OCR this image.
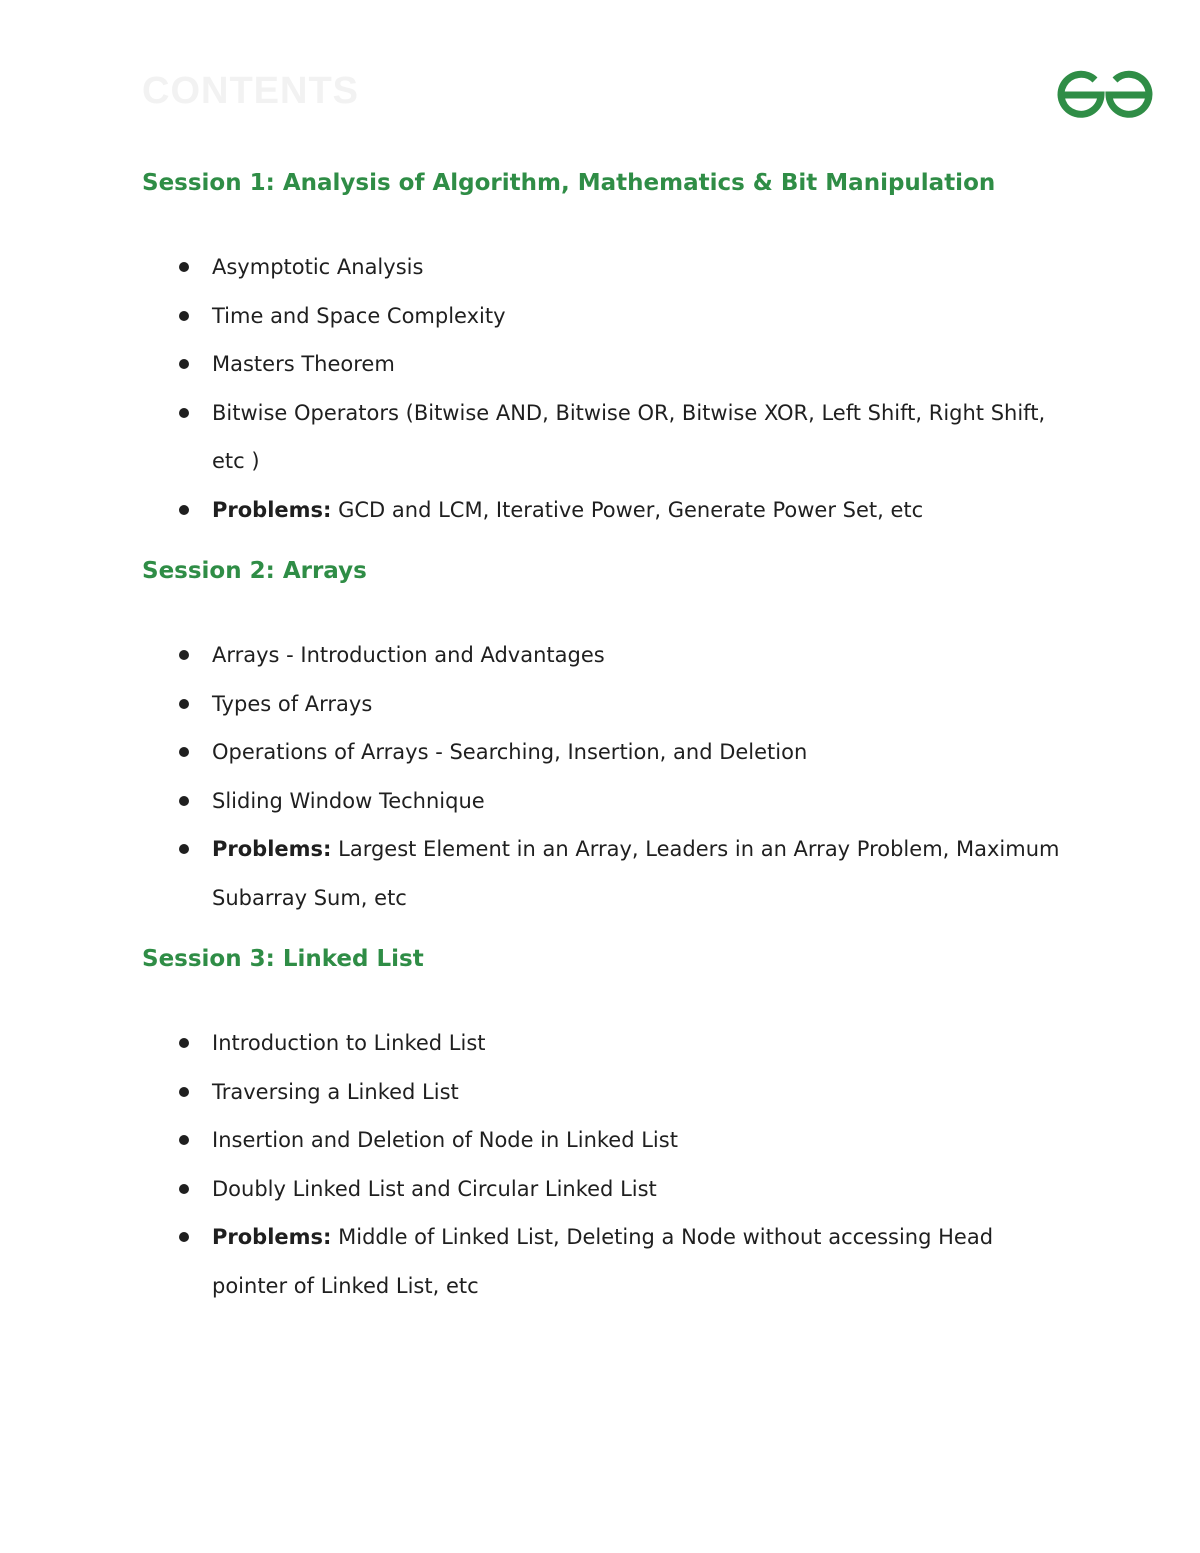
CONTENTS
Session 1: Analysis of Algorithm, Mathematics & Bit Manipulation
Asymptotic Analysis
Time and Space Complexity
Masters Theorem
Bitwise Operators (Bitwise AND, Bitwise OR, Bitwise XOR, Left Shift, Right Shift, etc )
Problems: GCD and LCM, Iterative Power, Generate Power Set, etc
Session 2: Arrays
Arrays - Introduction and Advantages
Types of Arrays
Operations of Arrays - Searching, Insertion, and Deletion
Sliding Window Technique
Problems: Largest Element in an Array, Leaders in an Array Problem, Maximum Subarray Sum, etc
Session 3: Linked List
Introduction to Linked List
Traversing a Linked List
Insertion and Deletion of Node in Linked List
Doubly Linked List and Circular Linked List
Problems: Middle of Linked List, Deleting a Node without accessing Head pointer of Linked List, etc
